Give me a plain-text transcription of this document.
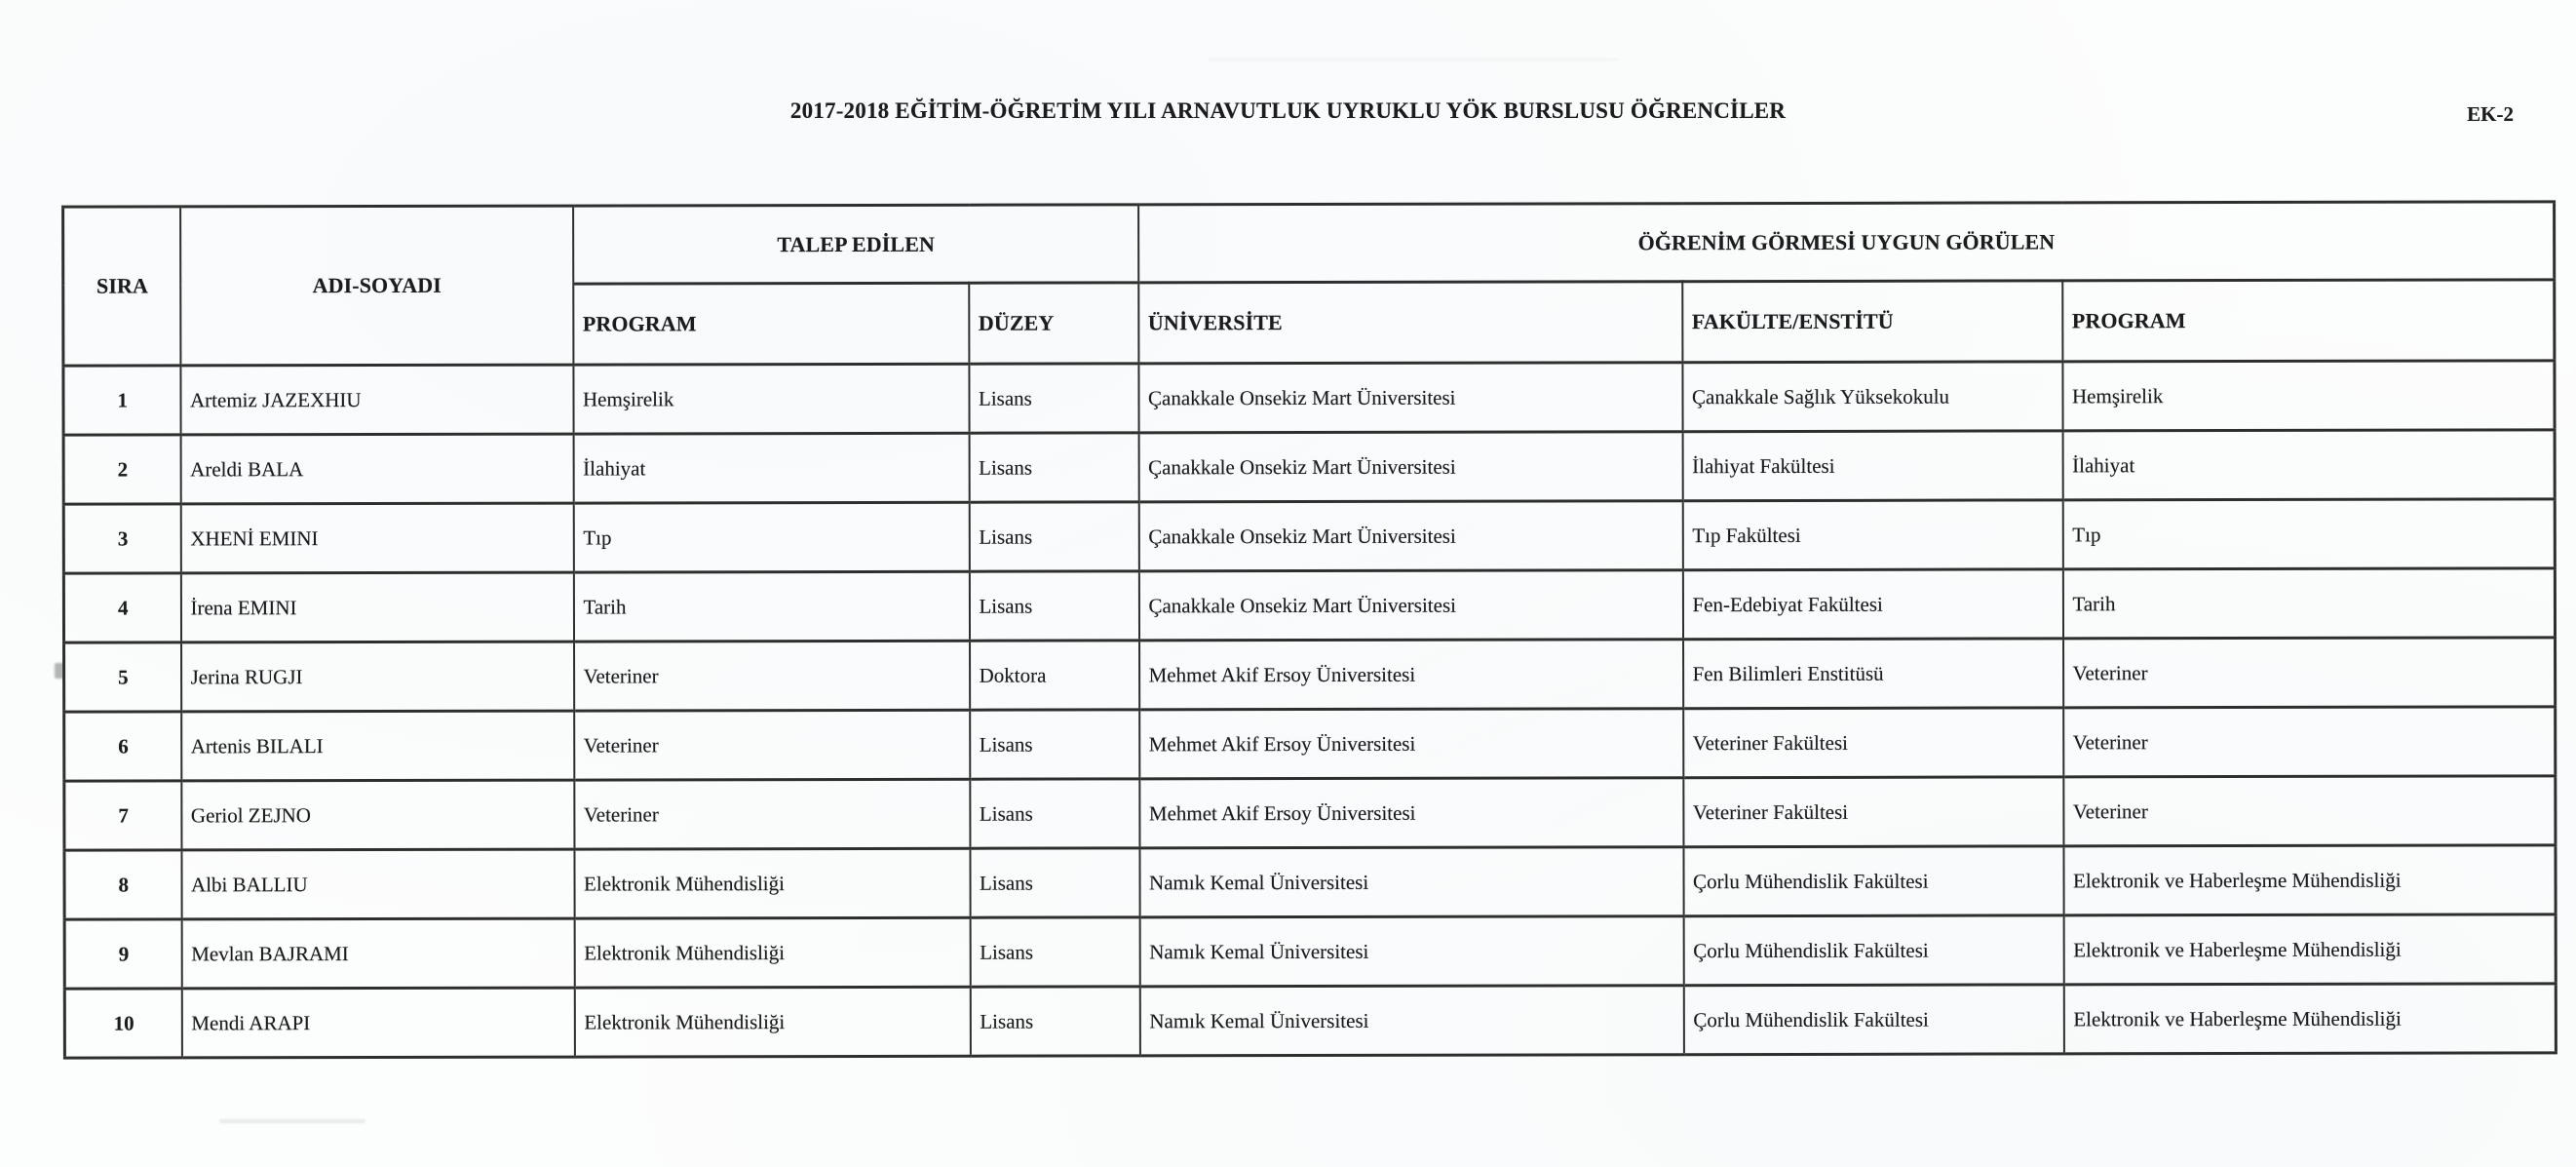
2017-2018 EĞİTİM-ÖĞRETİM YILI ARNAVUTLUK UYRUKLU YÖK BURSLUSU ÖĞRENCİLER	EK-2
SIRA	ADI-SOYADI	TALEP EDİLEN		ÖĞRENİM GÖRMESİ UYGUN GÖRÜLEN		
		PROGRAM	DÜZEY	ÜNİVERSİTE	FAKÜLTE/ENSTİTÜ	PROGRAM
1	Artemiz JAZEXHIU	Hemşirelik	Lisans	Çanakkale Onsekiz Mart Üniversitesi	Çanakkale Sağlık Yüksekokulu	Hemşirelik
2	Areldi BALA	İlahiyat	Lisans	Çanakkale Onsekiz Mart Üniversitesi	İlahiyat Fakültesi	İlahiyat
3	XHENİ EMINI	Tıp	Lisans	Çanakkale Onsekiz Mart Üniversitesi	Tıp Fakültesi	Tıp
4	İrena EMINI	Tarih	Lisans	Çanakkale Onsekiz Mart Üniversitesi	Fen-Edebiyat Fakültesi	Tarih
5	Jerina RUGJI	Veteriner	Doktora	Mehmet Akif Ersoy Üniversitesi	Fen Bilimleri Enstitüsü	Veteriner
6	Artenis BILALI	Veteriner	Lisans	Mehmet Akif Ersoy Üniversitesi	Veteriner Fakültesi	Veteriner
7	Geriol ZEJNO	Veteriner	Lisans	Mehmet Akif Ersoy Üniversitesi	Veteriner Fakültesi	Veteriner
8	Albi BALLIU	Elektronik Mühendisliği	Lisans	Namık Kemal Üniversitesi	Çorlu Mühendislik Fakültesi	Elektronik ve Haberleşme Mühendisliği
9	Mevlan BAJRAMI	Elektronik Mühendisliği	Lisans	Namık Kemal Üniversitesi	Çorlu Mühendislik Fakültesi	Elektronik ve Haberleşme Mühendisliği
10	Mendi ARAPI	Elektronik Mühendisliği	Lisans	Namık Kemal Üniversitesi	Çorlu Mühendislik Fakültesi	Elektronik ve Haberleşme Mühendisliği
